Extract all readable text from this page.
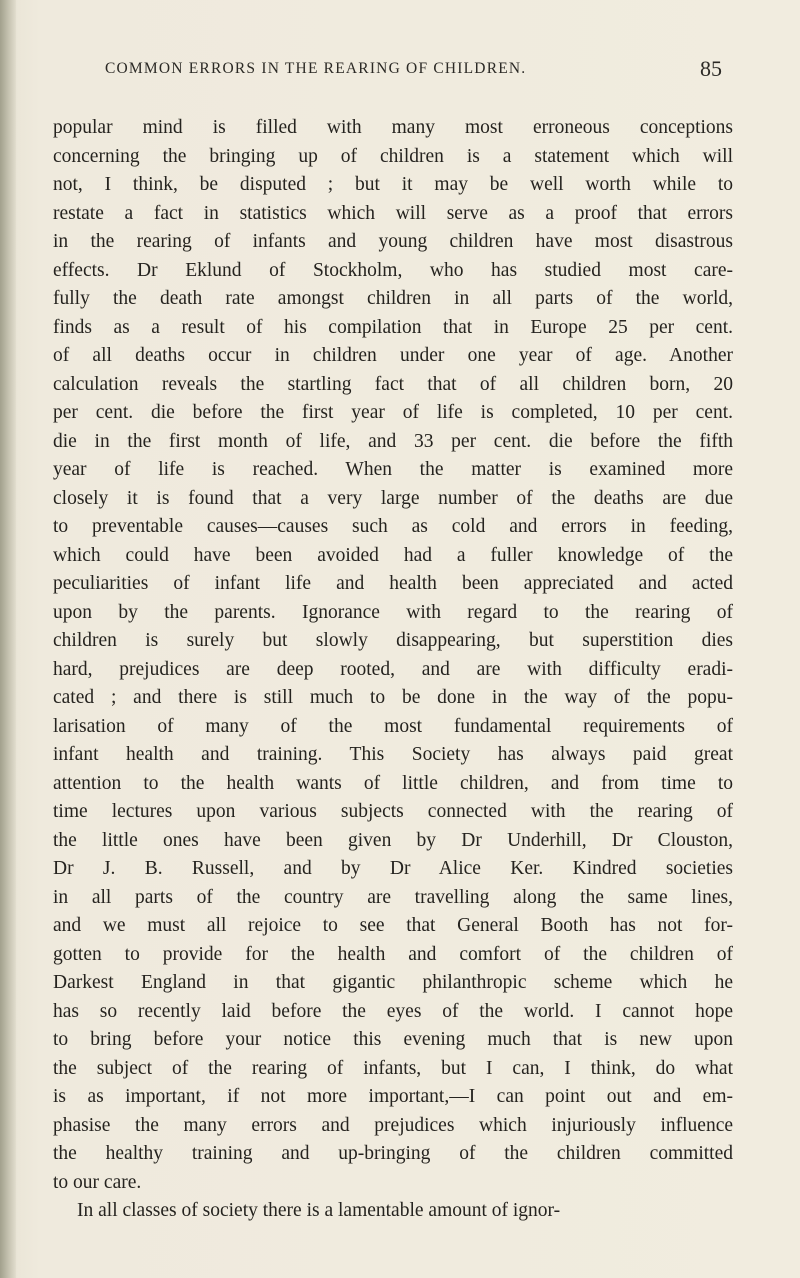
COMMON ERRORS IN THE REARING OF CHILDREN.	85
popular mind is filled with many most erroneous conceptions
concerning the bringing up of children is a statement which will
not, I think, be disputed ; but it may be well worth while to
restate a fact in statistics which will serve as a proof that errors
in the rearing of infants and young children have most disastrous
effects. Dr Eklund of Stockholm, who has studied most care-
fully the death rate amongst children in all parts of the world,
finds as a result of his compilation that in Europe 25 per cent.
of all deaths occur in children under one year of age. Another
calculation reveals the startling fact that of all children born, 20
per cent. die before the first year of life is completed, 10 per cent.
die in the first month of life, and 33 per cent. die before the fifth
year of life is reached. When the matter is examined more
closely it is found that a very large number of the deaths are due
to preventable causes—causes such as cold and errors in feeding,
which could have been avoided had a fuller knowledge of the
peculiarities of infant life and health been appreciated and acted
upon by the parents. Ignorance with regard to the rearing of
children is surely but slowly disappearing, but superstition dies
hard, prejudices are deep rooted, and are with difficulty eradi-
cated ; and there is still much to be done in the way of the popu-
larisation of many of the most fundamental requirements of
infant health and training. This Society has always paid great
attention to the health wants of little children, and from time to
time lectures upon various subjects connected with the rearing of
the little ones have been given by Dr Underhill, Dr Clouston,
Dr J. B. Russell, and by Dr Alice Ker. Kindred societies
in all parts of the country are travelling along the same lines,
and we must all rejoice to see that General Booth has not for-
gotten to provide for the health and comfort of the children of
Darkest England in that gigantic philanthropic scheme which he
has so recently laid before the eyes of the world. I cannot hope
to bring before your notice this evening much that is new upon
the subject of the rearing of infants, but I can, I think, do what
is as important, if not more important,—I can point out and em-
phasise the many errors and prejudices which injuriously influence
the healthy training and up-bringing of the children committed
to our care.
In all classes of society there is a lamentable amount of ignor-
